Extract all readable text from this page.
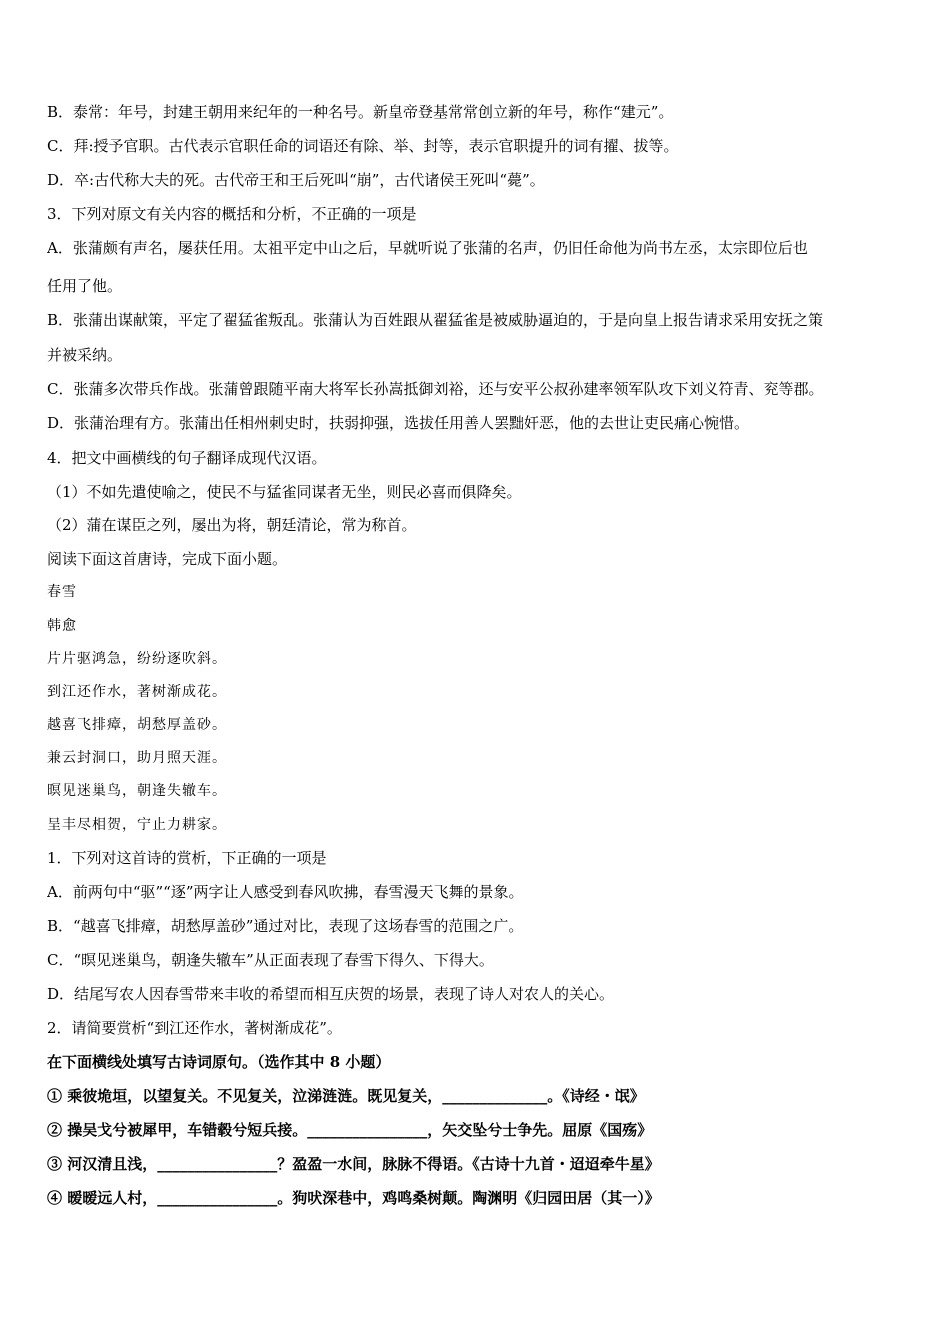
B．泰常：年号，封建王朝用来纪年的一种名号。新皇帝登基常常创立新的年号，称作“建元”。
C．拜:授予官职。古代表示官职任命的词语还有除、举、封等，表示官职提升的词有擢、拔等。
D．卒:古代称大夫的死。古代帝王和王后死叫“崩”，古代诸侯王死叫“薨”。
3．下列对原文有关内容的概括和分析，不正确的一项是
A．张蒲颇有声名，屡获任用。太祖平定中山之后，早就听说了张蒲的名声，仍旧任命他为尚书左丞，太宗即位后也
任用了他。
B．张蒲出谋献策，平定了翟猛雀叛乱。张蒲认为百姓跟从翟猛雀是被威胁逼迫的，于是向皇上报告请求采用安抚之策
并被采纳。
C．张蒲多次带兵作战。张蒲曾跟随平南大将军长孙嵩抵御刘裕，还与安平公叔孙建率领军队攻下刘义符青、兖等郡。
D．张蒲治理有方。张蒲出任相州刺史时，扶弱抑强，选拔任用善人罢黜奸恶，他的去世让吏民痛心惋惜。
4．把文中画横线的句子翻译成现代汉语。
（1）不如先遣使喻之，使民不与猛雀同谋者无坐，则民必喜而俱降矣。
（2）蒲在谋臣之列，屡出为将，朝廷清论，常为称首。
阅读下面这首唐诗，完成下面小题。
春雪
韩愈
片片驱鸿急，纷纷逐吹斜。
到江还作水，著树渐成花。
越喜飞排瘴，胡愁厚盖砂。
兼云封洞口，助月照天涯。
暝见迷巢鸟，朝逢失辙车。
呈丰尽相贺，宁止力耕家。
1．下列对这首诗的赏析，下正确的一项是
A．前两句中“驱”“逐”两字让人感受到春风吹拂，春雪漫天飞舞的景象。
B．“越喜飞排瘴，胡愁厚盖砂”通过对比，表现了这场春雪的范围之广。
C．“暝见迷巢鸟，朝逢失辙车”从正面表现了春雪下得久、下得大。
D．结尾写农人因春雪带来丰收的希望而相互庆贺的场景，表现了诗人对农人的关心。
2．请简要赏析“到江还作水，著树渐成花”。
在下面横线处填写古诗词原句。（选作其中 8 小题）
① 乘彼垝垣，以望复关。不见复关，泣涕涟涟。既见复关，______________。《诗经・氓》
② 操吴戈兮被犀甲，车错毂兮短兵接。________________，矢交坠兮士争先。屈原《国殇》
③ 河汉清且浅，________________？盈盈一水间，脉脉不得语。《古诗十九首・迢迢牵牛星》
④ 暧暧远人村，________________。狗吠深巷中，鸡鸣桑树颠。陶渊明《归园田居（其一）》
